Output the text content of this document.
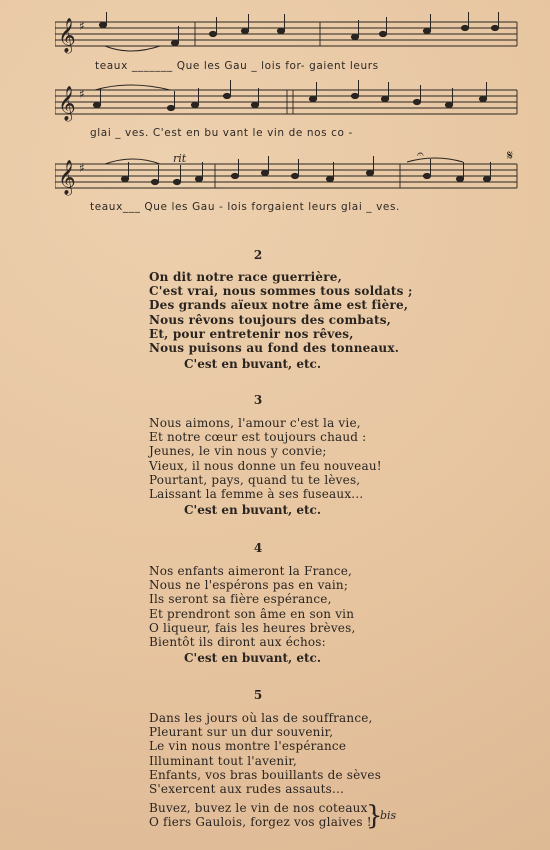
𝄞 ♯
teaux _______ Que les Gau _ lois for- gaient leurs
𝄞 ♯
glai _ ves. C'est en bu vant le vin de nos co -
𝄞 ♯
rit	𝄐	𝄋
teaux___ Que les Gau - lois forgaient leurs glai _ ves.
2
On dit notre race guerrière,
C'est vrai, nous sommes tous soldats ;
Des grands aïeux notre âme est fière,
Nous rêvons toujours des combats,
Et, pour entretenir nos rêves,
Nous puisons au fond des tonneaux.
C'est en buvant, etc.
3
Nous aimons, l'amour c'est la vie,
Et notre cœur est toujours chaud :
Jeunes, le vin nous y convie;
Vieux, il nous donne un feu nouveau!
Pourtant, pays, quand tu te lèves,
Laissant la femme à ses fuseaux...
C'est en buvant, etc.
4
Nos enfants aimeront la France,
Nous ne l'espérons pas en vain;
Ils seront sa fière espérance,
Et prendront son âme en son vin
O liqueur, fais les heures brèves,
Bientôt ils diront aux échos:
C'est en buvant, etc.
5
Dans les jours où las de souffrance,
Pleurant sur un dur souvenir,
Le vin nous montre l'espérance
Illuminant tout l'avenir,
Enfants, vos bras bouillants de sèves
S'exercent aux rudes assauts...
Buvez, buvez le vin de nos coteaux ;
O fiers Gaulois, forgez vos glaives !
}
bis
